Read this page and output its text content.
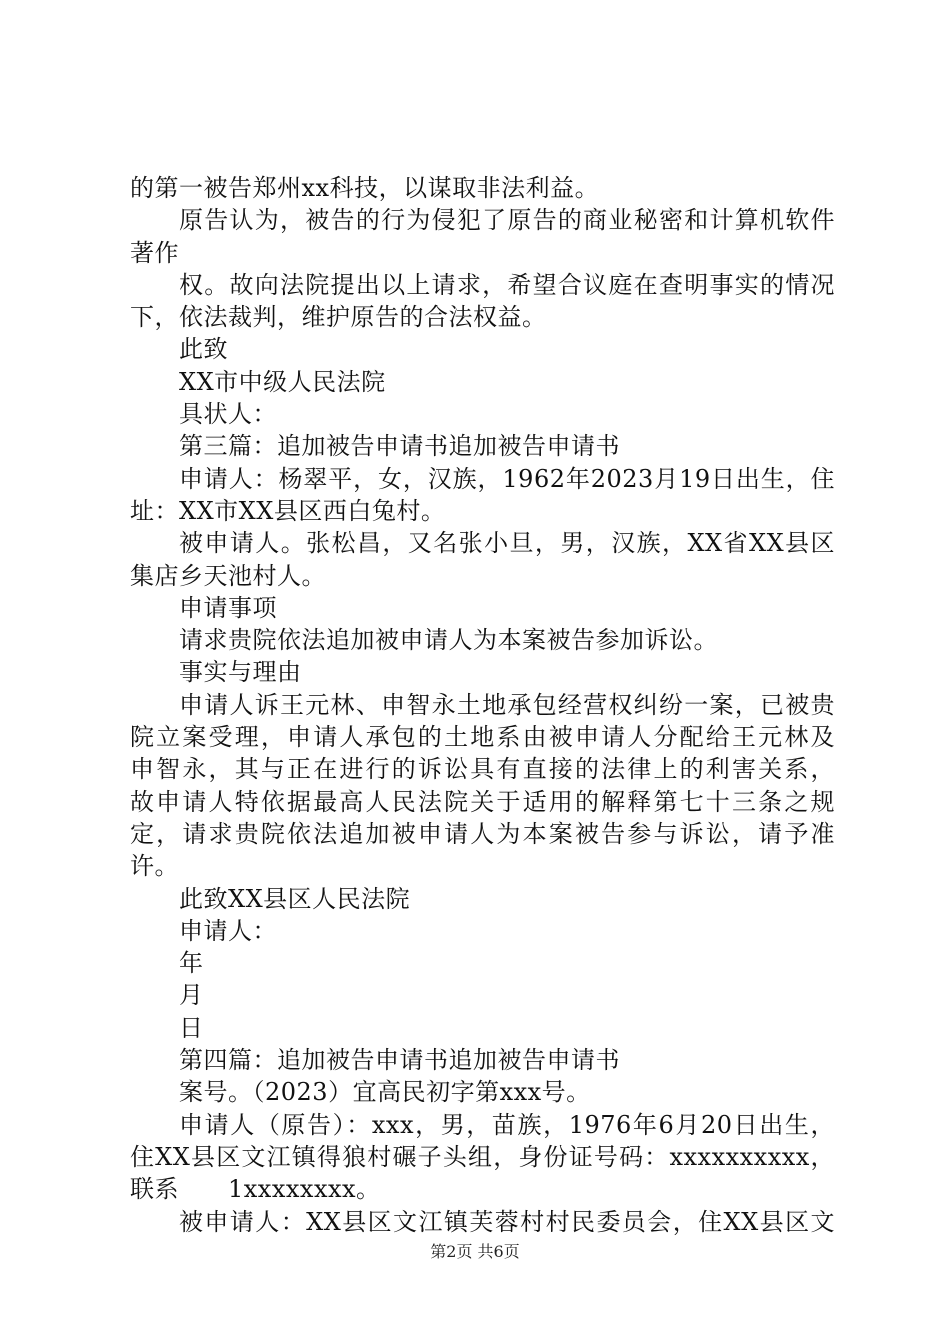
的第一被告郑州xx科技，以谋取非法利益。
原告认为，被告的行为侵犯了原告的商业秘密和计算机软件
著作
权。故向法院提出以上请求，希望合议庭在查明事实的情况
下，依法裁判，维护原告的合法权益。
此致
XX市中级人民法院
具状人：
第三篇：追加被告申请书追加被告申请书
申请人：杨翠平，女，汉族，1962年2023月19日出生，住
址：XX市XX县区西白兔村。
被申请人。张松昌，又名张小旦，男，汉族，XX省XX县区
集店乡天池村人。
申请事项
请求贵院依法追加被申请人为本案被告参加诉讼。
事实与理由
申请人诉王元林、申智永土地承包经营权纠纷一案，已被贵
院立案受理，申请人承包的土地系由被申请人分配给王元林及
申智永，其与正在进行的诉讼具有直接的法律上的利害关系，
故申请人特依据最高人民法院关于适用的解释第七十三条之规
定，请求贵院依法追加被申请人为本案被告参与诉讼，请予准
许。
此致XX县区人民法院
申请人：
年
月
日
第四篇：追加被告申请书追加被告申请书
案号。（2023）宜高民初字第xxx号。
申请人（原告）：xxx，男，苗族，1976年6月20日出生，
住XX县区文江镇得狼村碾子头组，身份证号码：xxxxxxxxxx，
联系　　1xxxxxxxx。
被申请人：XX县区文江镇芙蓉村村民委员会，住XX县区文
第2页 共6页
